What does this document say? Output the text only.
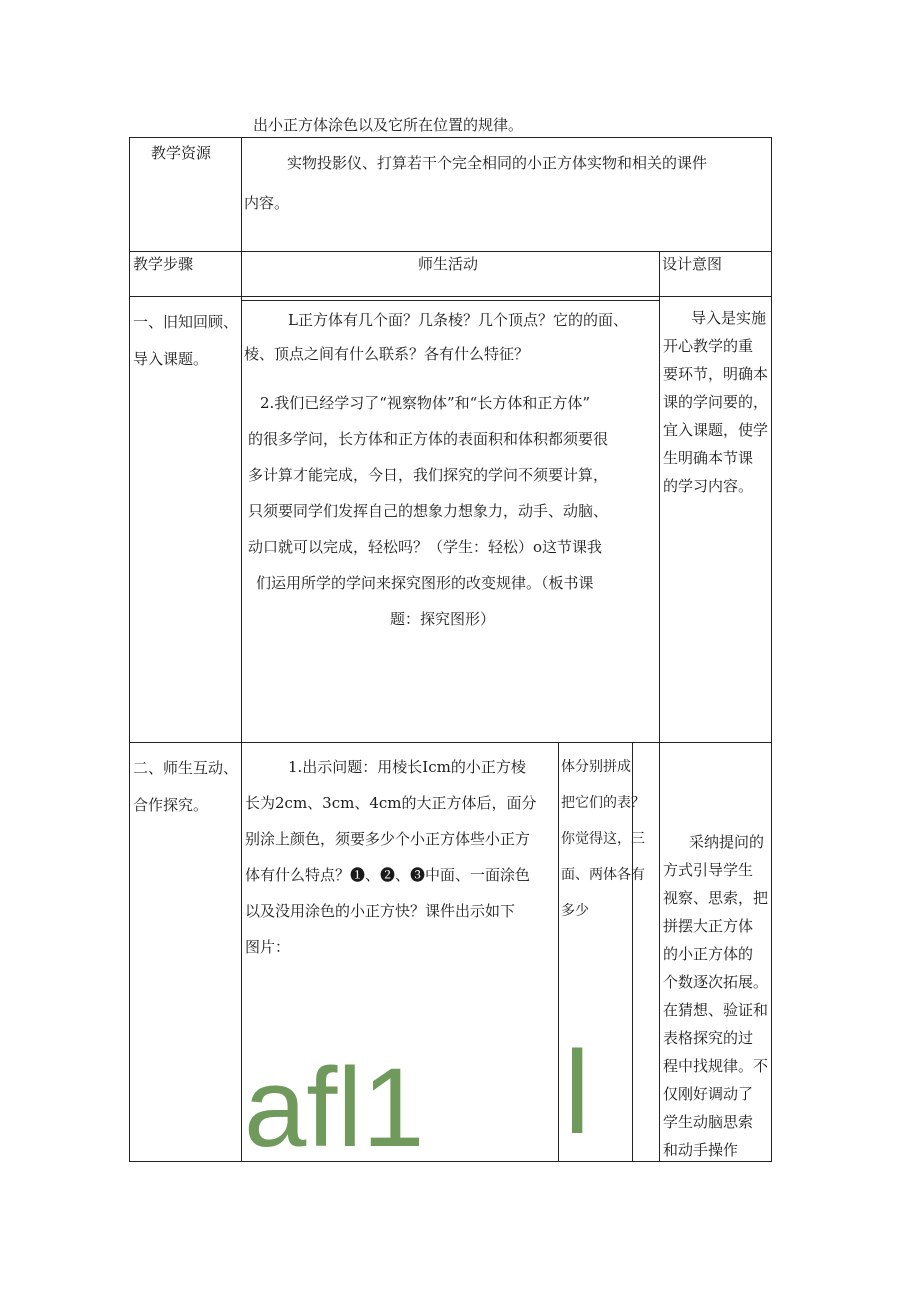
出小正方体涂色以及它所在位置的规律。
教学资源
实物投影仪、打算若干个完全相同的小正方体实物和相关的课件
内容。
教学步骤	师生活动	设计意图
一、旧知回顾、
导入课题。
L正方体有几个面？几条棱？几个顶点？它的的面、
棱、顶点之间有什么联系？各有什么特征？
2.我们已经学习了“视察物体”和“长方体和正方体”
的很多学问，长方体和正方体的表面积和体积都须要很
多计算才能完成，今日，我们探究的学问不须要计算，
只须要同学们发挥自己的想象力想象力，动手、动脑、
动口就可以完成，轻松吗？（学生：轻松）o这节课我
们运用所学的学问来探究图形的改变规律。（板书课
题：探究图形）
导入是实施
开心教学的重
要环节，明确本
课的学问要的，
宜入课题，使学
生明确本节课
的学习内容。
二、师生互动、
合作探究。
1.出示问题：用棱长Icm的小正方棱
长为2cm、3cm、4cm的大正方体后，面分
别涂上颜色，须要多少个小正方体些小正方
体有什么特点？❶、❷、❸中面、一面涂色
以及没用涂色的小正方快？课件出示如下
图片：
体分别拼成
把它们的表？
你觉得这，三
面、两体各有
多少
采纳提问的
方式引导学生
视察、思索，把
拼摆大正方体
的小正方体的
个数逐次拓展。
在猜想、验证和
表格探究的过
程中找规律。不
仅刚好调动了
学生动脑思索
和动手操作
afl1 l
